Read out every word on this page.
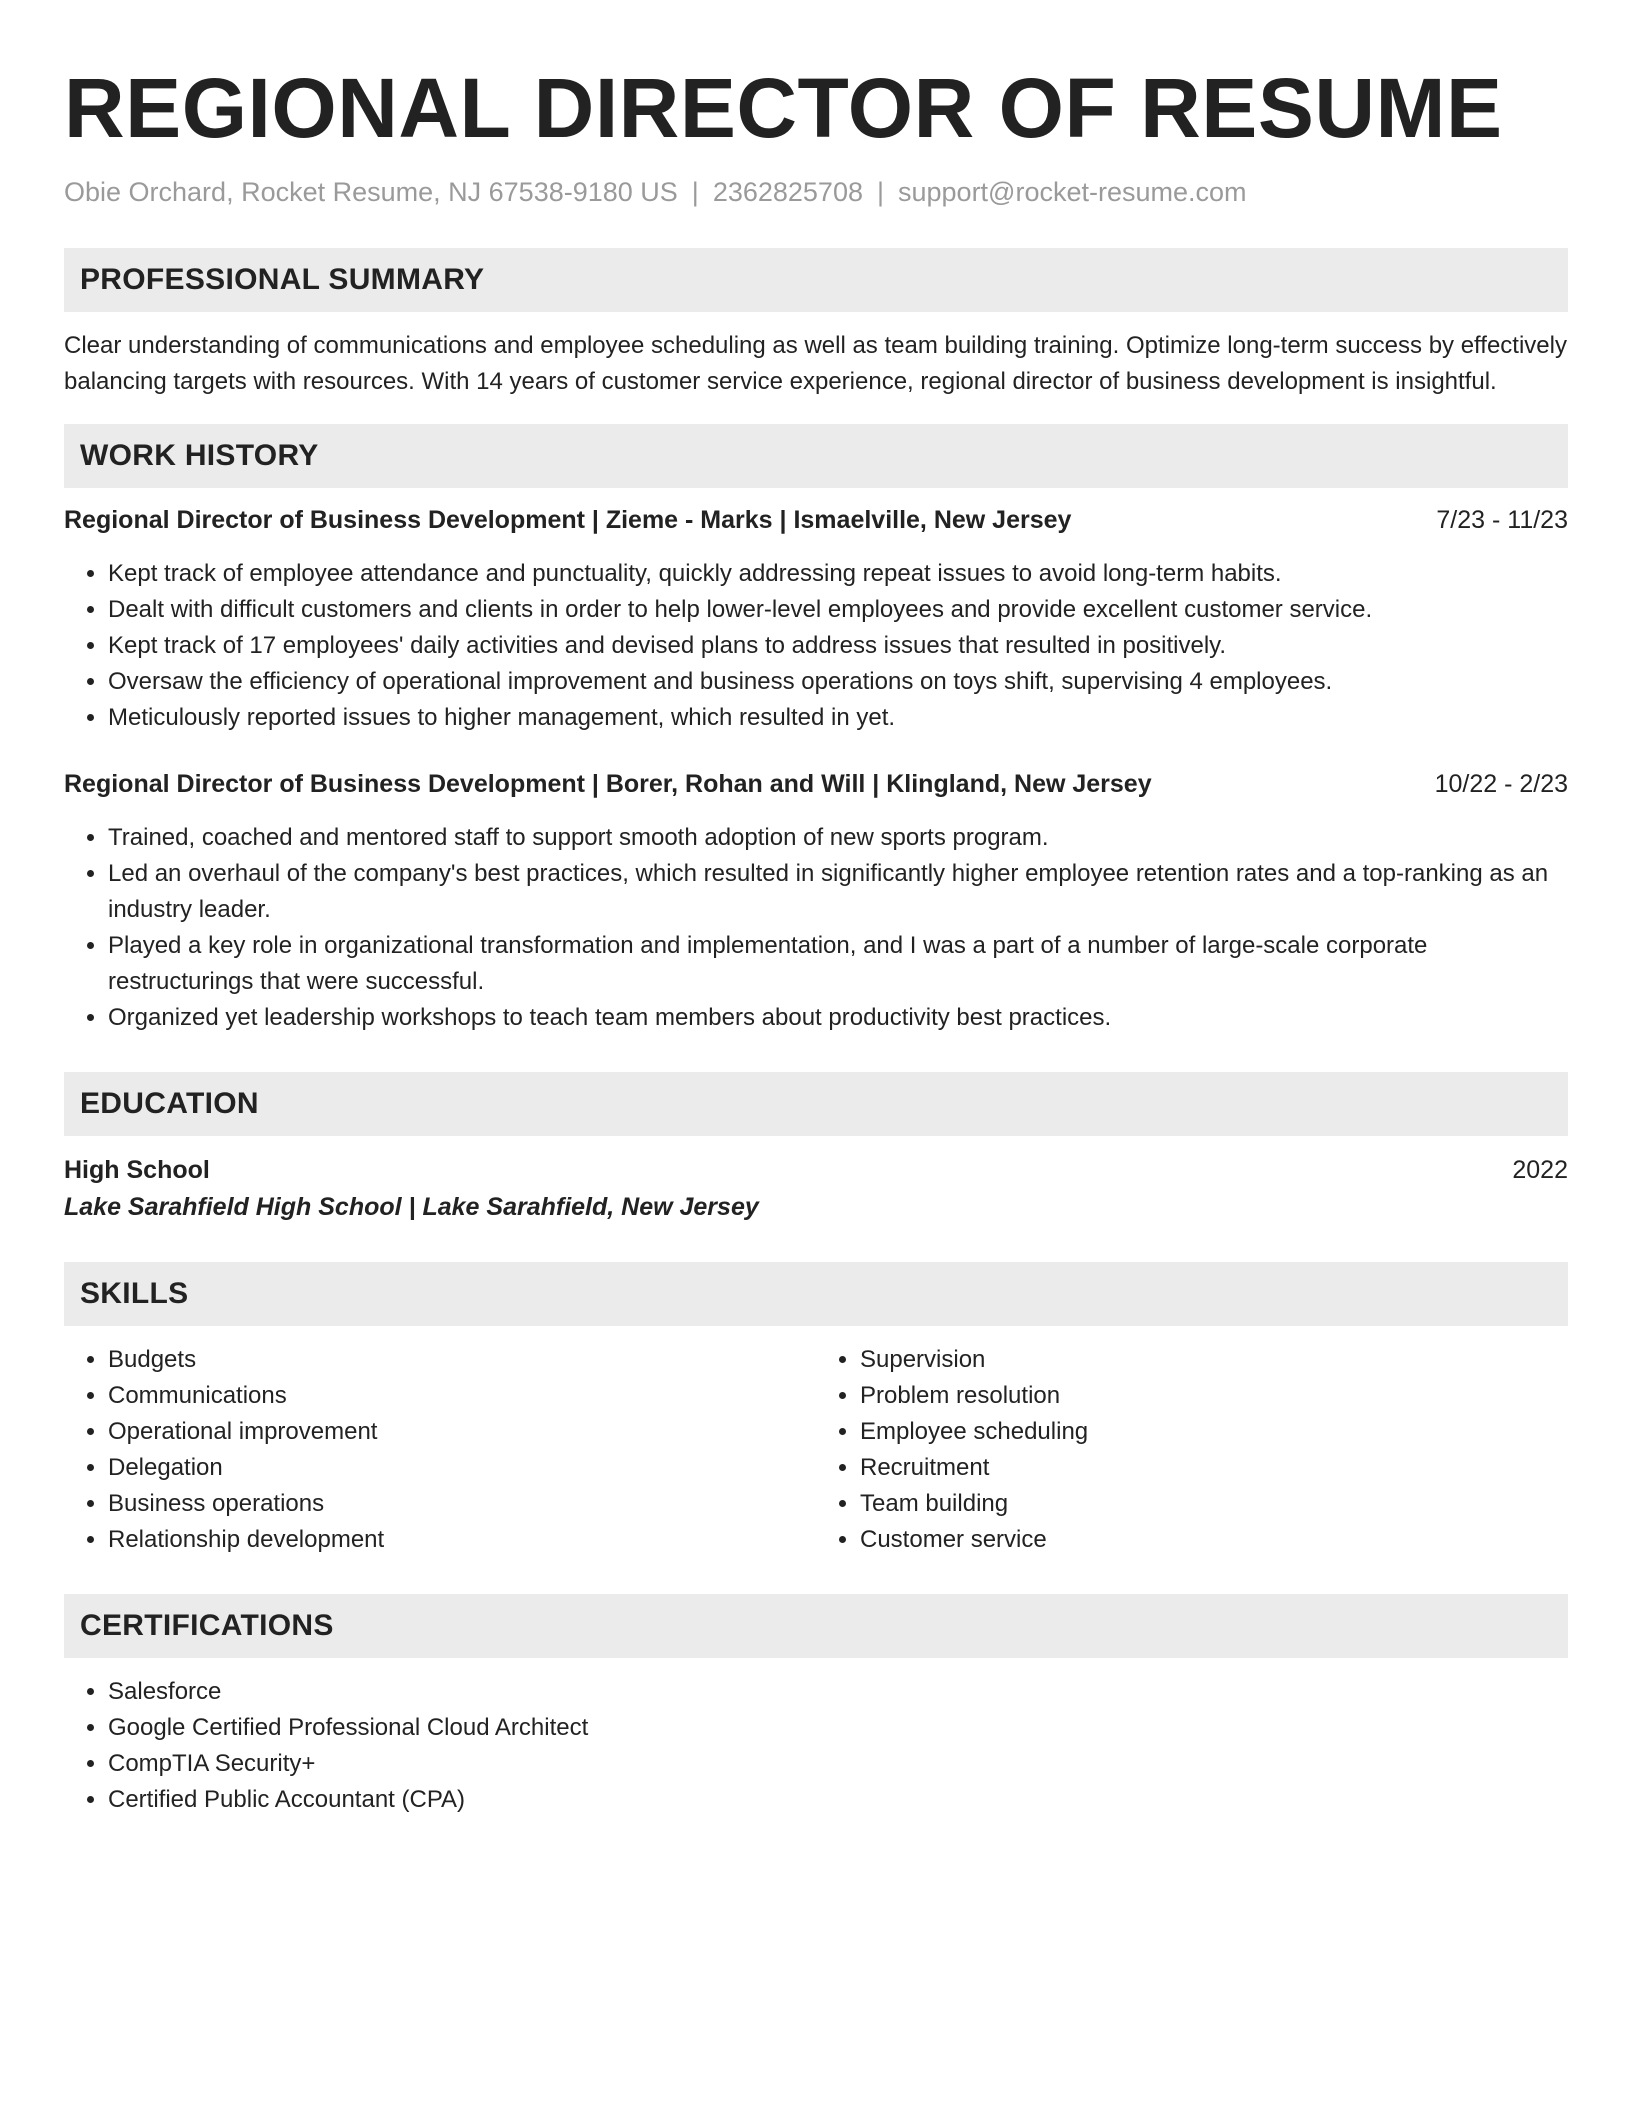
REGIONAL DIRECTOR OF RESUME
Obie Orchard, Rocket Resume, NJ 67538-9180 US | 2362825708 | support@rocket-resume.com
PROFESSIONAL SUMMARY

Clear understanding of communications and employee scheduling as well as team building training. Optimize long-term success by effectively balancing targets with resources. With 14 years of customer service experience, regional director of business development is insightful.

WORK HISTORY
Regional Director of Business Development | Zieme - Marks | Ismaelville, New Jersey	7/23 - 11/23
• Kept track of employee attendance and punctuality, quickly addressing repeat issues to avoid long-term habits.
• Dealt with difficult customers and clients in order to help lower-level employees and provide excellent customer service.
• Kept track of 17 employees' daily activities and devised plans to address issues that resulted in positively.
• Oversaw the efficiency of operational improvement and business operations on toys shift, supervising 4 employees.
• Meticulously reported issues to higher management, which resulted in yet.
Regional Director of Business Development | Borer, Rohan and Will | Klingland, New Jersey	10/22 - 2/23
• Trained, coached and mentored staff to support smooth adoption of new sports program.
• Led an overhaul of the company's best practices, which resulted in significantly higher employee retention rates and a top-ranking as an industry leader.
• Played a key role in organizational transformation and implementation, and I was a part of a number of large-scale corporate restructurings that were successful.
• Organized yet leadership workshops to teach team members about productivity best practices.
EDUCATION
High School	2022
Lake Sarahfield High School | Lake Sarahfield, New Jersey
SKILLS
• Budgets
• Communications
• Operational improvement
• Delegation
• Business operations
• Relationship development
• Supervision
• Problem resolution
• Employee scheduling
• Recruitment
• Team building
• Customer service
CERTIFICATIONS
• Salesforce
• Google Certified Professional Cloud Architect
• CompTIA Security+
• Certified Public Accountant (CPA)
